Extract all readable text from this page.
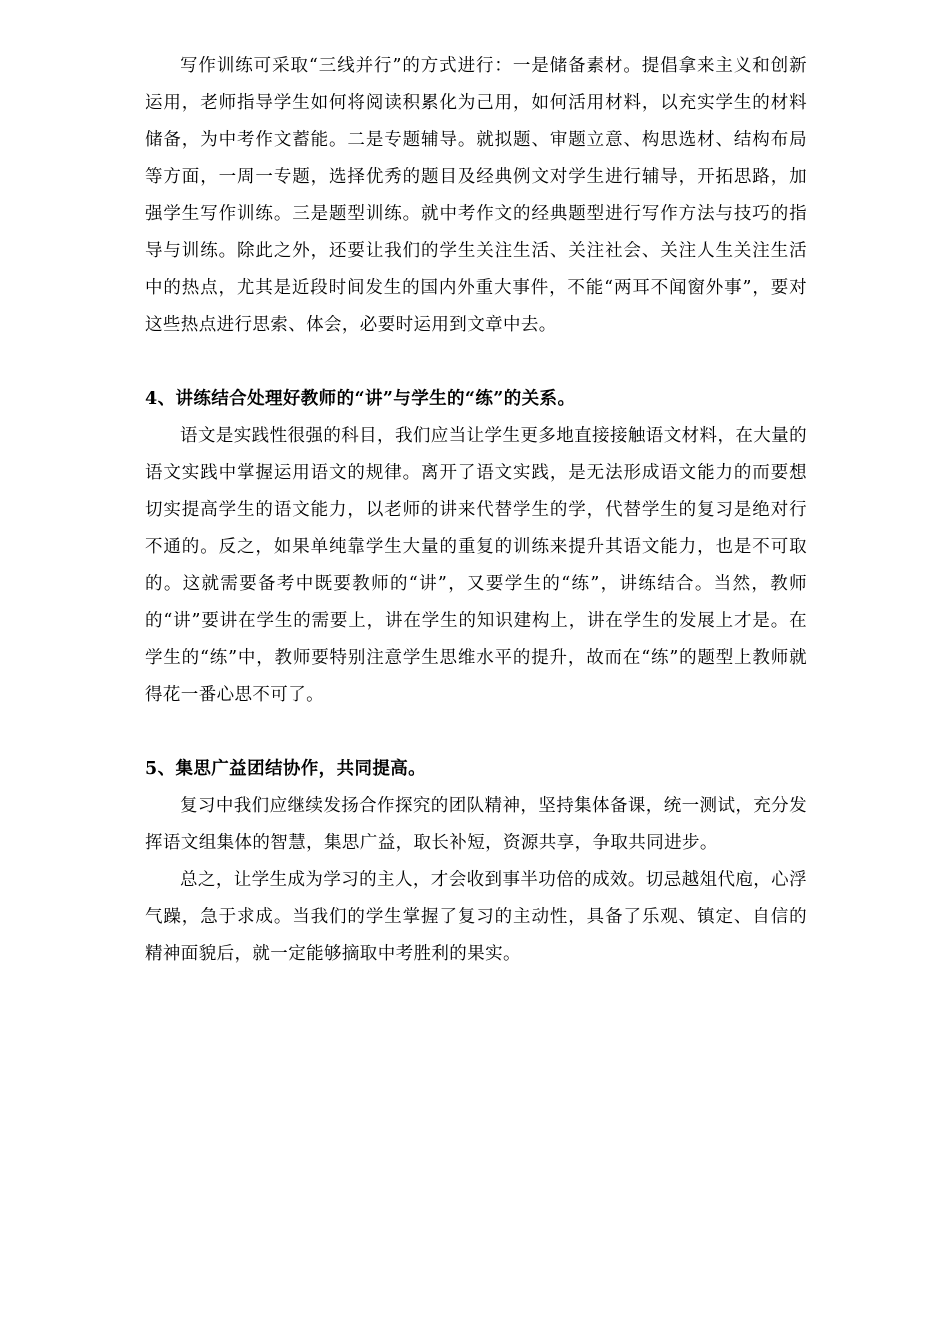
写作训练可采取“三线并行”的方式进行：一是储备素材。提倡拿来主义和创新运用，老师指导学生如何将阅读积累化为己用，如何活用材料，以充实学生的材料储备，为中考作文蓄能。二是专题辅导。就拟题、审题立意、构思选材、结构布局等方面，一周一专题，选择优秀的题目及经典例文对学生进行辅导，开拓思路，加强学生写作训练。三是题型训练。就中考作文的经典题型进行写作方法与技巧的指导与训练。除此之外，还要让我们的学生关注生活、关注社会、关注人生关注生活中的热点，尤其是近段时间发生的国内外重大事件，不能“两耳不闻窗外事”，要对这些热点进行思索、体会，必要时运用到文章中去。

4、讲练结合处理好教师的“讲”与学生的“练”的关系。

语文是实践性很强的科目，我们应当让学生更多地直接接触语文材料，在大量的语文实践中掌握运用语文的规律。离开了语文实践，是无法形成语文能力的而要想切实提高学生的语文能力，以老师的讲来代替学生的学，代替学生的复习是绝对行不通的。反之，如果单纯靠学生大量的重复的训练来提升其语文能力，也是不可取的。这就需要备考中既要教师的“讲”，又要学生的“练”，讲练结合。当然，教师的“讲”要讲在学生的需要上，讲在学生的知识建构上，讲在学生的发展上才是。在学生的“练”中，教师要特别注意学生思维水平的提升，故而在“练”的题型上教师就得花一番心思不可了。

5、集思广益团结协作，共同提高。

复习中我们应继续发扬合作探究的团队精神，坚持集体备课，统一测试，充分发挥语文组集体的智慧，集思广益，取长补短，资源共享，争取共同进步。

总之，让学生成为学习的主人，才会收到事半功倍的成效。切忌越俎代庖，心浮气躁，急于求成。当我们的学生掌握了复习的主动性，具备了乐观、镇定、自信的精神面貌后，就一定能够摘取中考胜利的果实。
